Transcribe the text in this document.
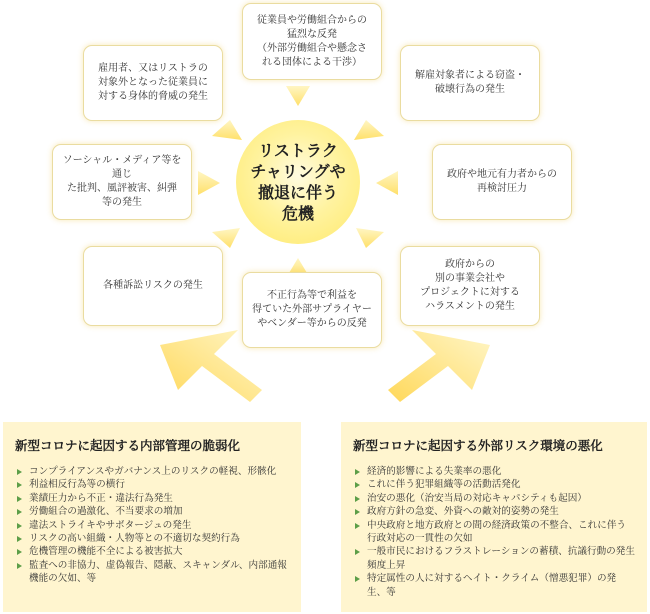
リストラク
チャリングや
撤退に伴う
危機
従業員や労働組合からの
猛烈な反発
（外部労働組合や懸念さ
れる団体による干渉）
解雇対象者による窃盗・
破壊行為の発生
政府や地元有力者からの
再検討圧力
政府からの
別の事業会社や
プロジェクトに対する
ハラスメントの発生
不正行為等で利益を
得ていた外部サプライヤー
やベンダー等からの反発
各種訴訟リスクの発生
ソーシャル・メディア等を通じ
た批判、風評被害、糾弾
等の発生
雇用者、又はリストラの
対象外となった従業員に
対する身体的脅威の発生
新型コロナに起因する内部管理の脆弱化
コンプライアンスやガバナンス上のリスクの軽視、形骸化
利益相反行為等の横行
業績圧力から不正・違法行為発生
労働組合の過激化、不当要求の増加
違法ストライキやサボタージュの発生
リスクの高い組織・人物等との不適切な契約行為
危機管理の機能不全による被害拡大
監査への非協力、虚偽報告、隠蔽、スキャンダル、内部通報機能の欠如、等
新型コロナに起因する外部リスク環境の悪化
経済的影響による失業率の悪化
これに伴う犯罪組織等の活動活発化
治安の悪化（治安当局の対応キャパシティも起因）
政府方針の急変、外資への敵対的姿勢の発生
中央政府と地方政府との間の経済政策の不整合、これに伴う行政対応の一貫性の欠如
一般市民におけるフラストレーションの蓄積、抗議行動の発生頻度上昇
特定属性の人に対するヘイト・クライム（憎悪犯罪）の発生、等
